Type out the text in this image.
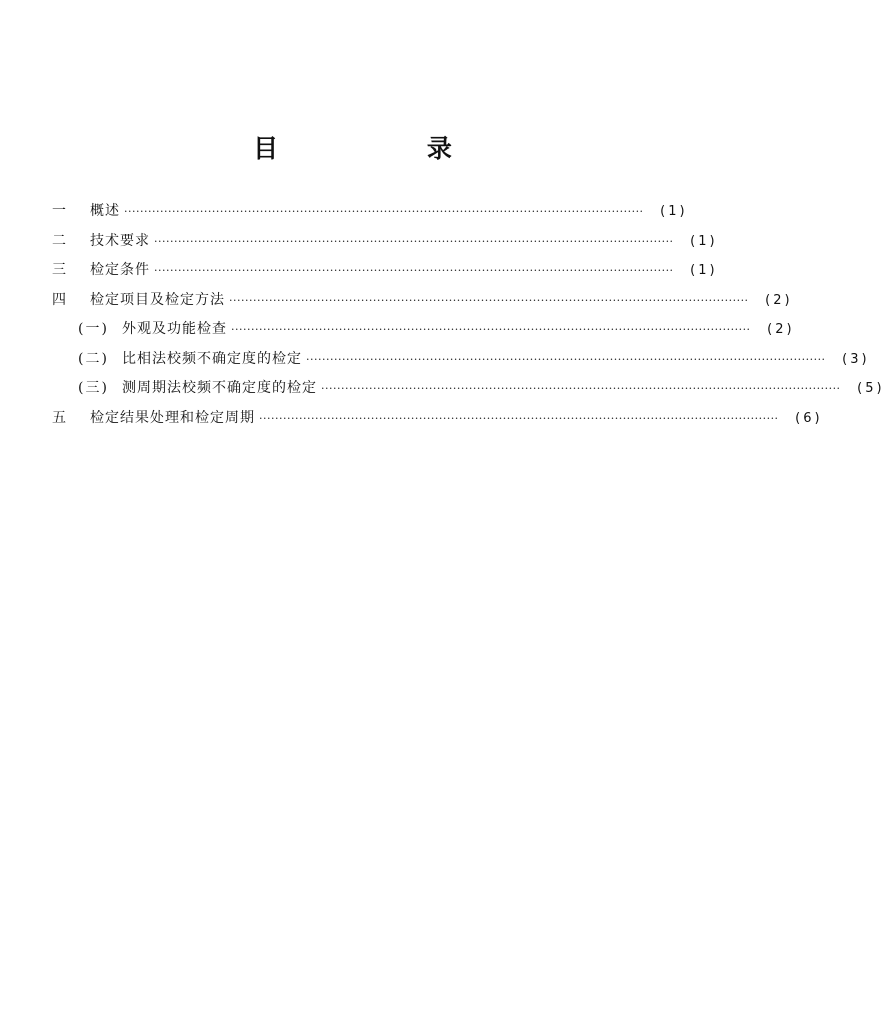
目 录
一	概述 ··································································································································	(1)
二	技术要求 ··································································································································	(1)
三	检定条件 ··································································································································	(1)
四	检定项目及检定方法 ··································································································································	(2)
(一) 外观及功能检查 ··································································································································	(2)
(二) 比相法校频不确定度的检定 ··································································································································	(3)
(三) 测周期法校频不确定度的检定 ··································································································································	(5)
五	检定结果处理和检定周期 ··································································································································	(6)
